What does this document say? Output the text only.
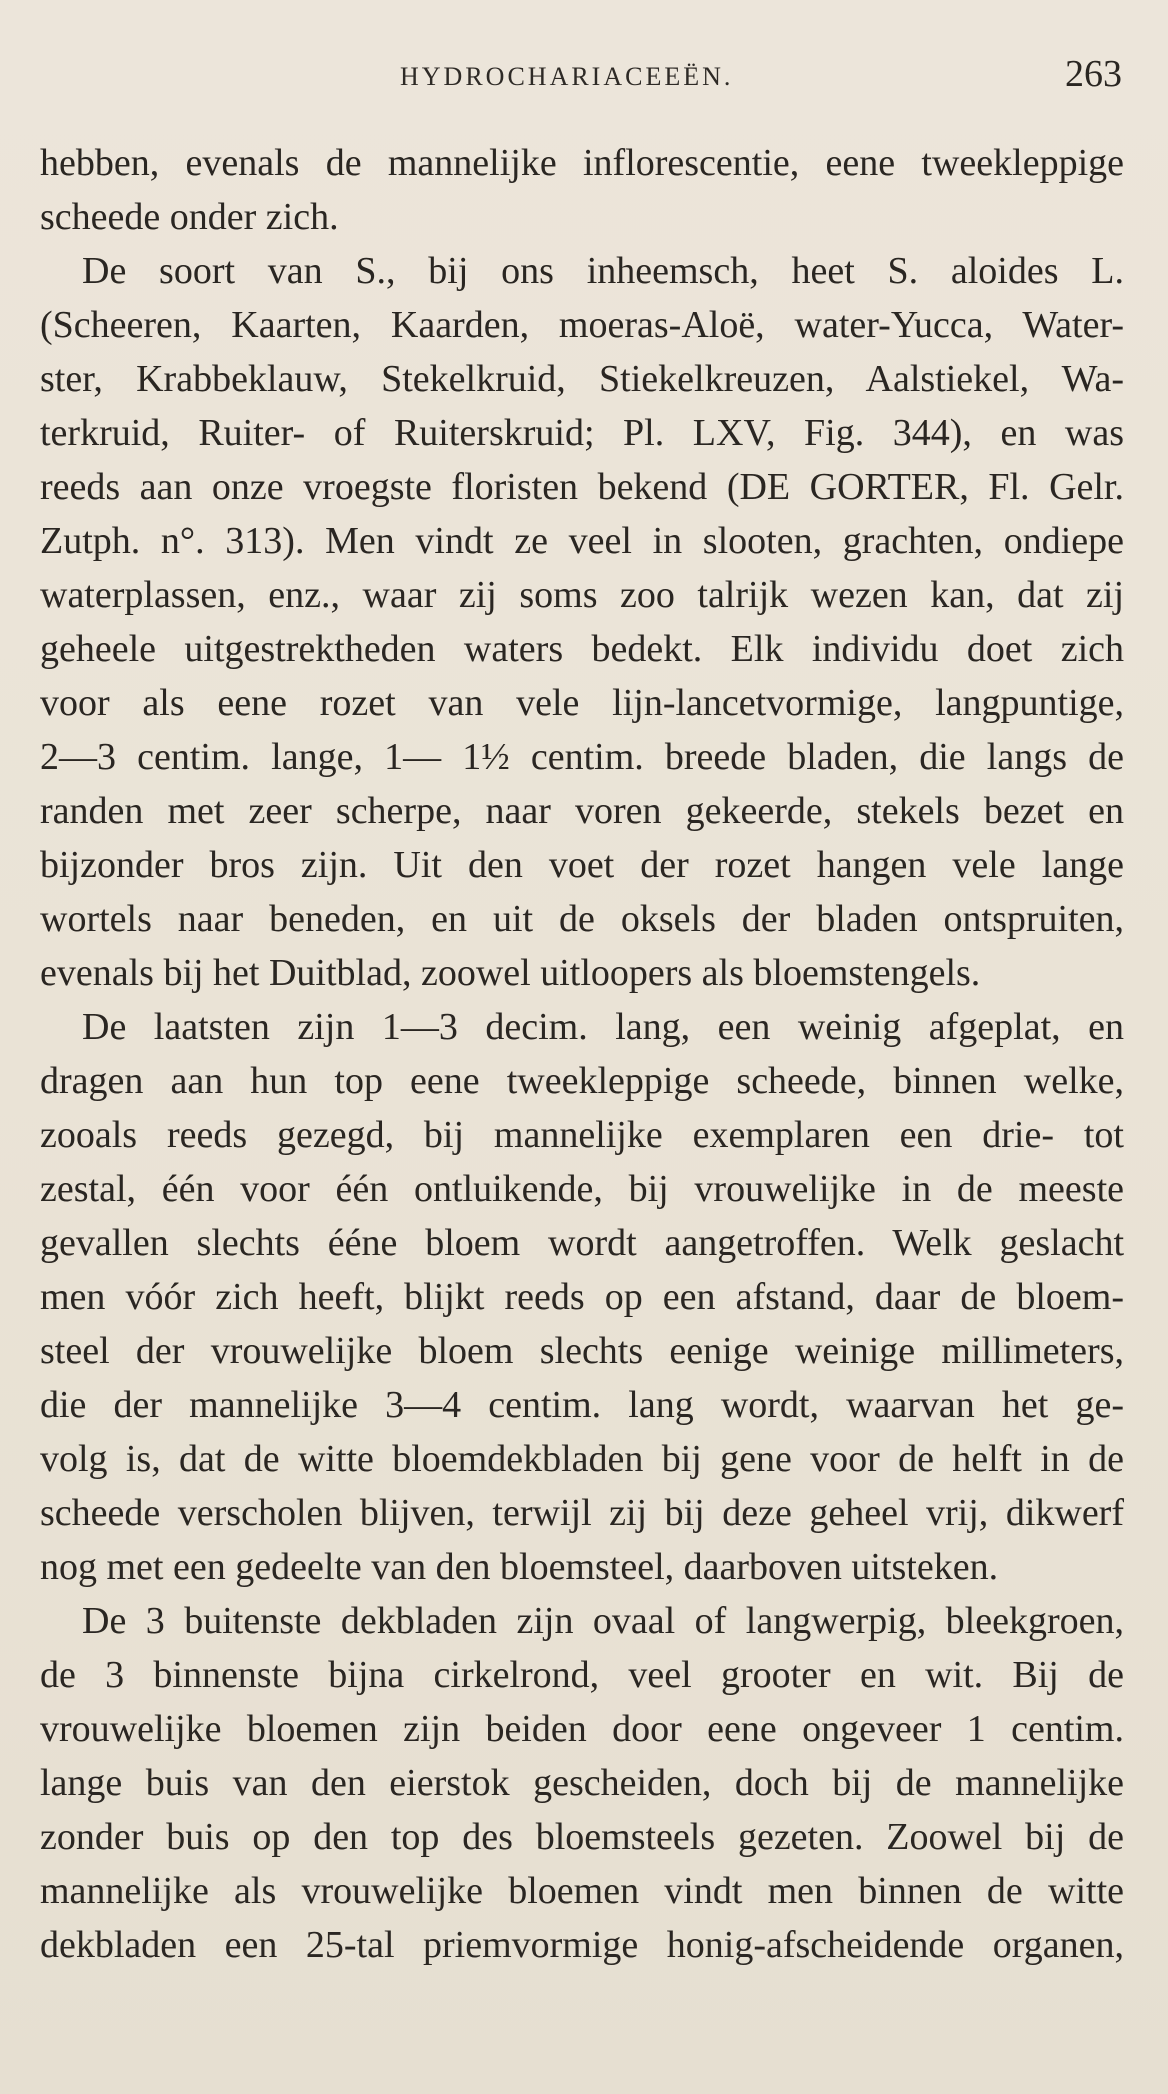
HYDROCHARIACEEËN.	263
hebben, evenals de mannelijke inflorescentie, eene tweekleppige
scheede onder zich.
De soort van S., bij ons inheemsch, heet S. aloides L.
(Scheeren, Kaarten, Kaarden, moeras-Aloë, water-Yucca, Water-
ster, Krabbeklauw, Stekelkruid, Stiekelkreuzen, Aalstiekel, Wa-
terkruid, Ruiter- of Ruiterskruid; Pl. LXV, Fig. 344), en was
reeds aan onze vroegste floristen bekend (DE GORTER, Fl. Gelr.
Zutph. n°. 313). Men vindt ze veel in slooten, grachten, ondiepe
waterplassen, enz., waar zij soms zoo talrijk wezen kan, dat zij
geheele uitgestrektheden waters bedekt. Elk individu doet zich
voor als eene rozet van vele lijn-lancetvormige, langpuntige,
2—3 centim. lange, 1— 1½ centim. breede bladen, die langs de
randen met zeer scherpe, naar voren gekeerde, stekels bezet en
bijzonder bros zijn. Uit den voet der rozet hangen vele lange
wortels naar beneden, en uit de oksels der bladen ontspruiten,
evenals bij het Duitblad, zoowel uitloopers als bloemstengels.
De laatsten zijn 1—3 decim. lang, een weinig afgeplat, en
dragen aan hun top eene tweekleppige scheede, binnen welke,
zooals reeds gezegd, bij mannelijke exemplaren een drie- tot
zestal, één voor één ontluikende, bij vrouwelijke in de meeste
gevallen slechts ééne bloem wordt aangetroffen. Welk geslacht
men vóór zich heeft, blijkt reeds op een afstand, daar de bloem-
steel der vrouwelijke bloem slechts eenige weinige millimeters,
die der mannelijke 3—4 centim. lang wordt, waarvan het ge-
volg is, dat de witte bloemdekbladen bij gene voor de helft in de
scheede verscholen blijven, terwijl zij bij deze geheel vrij, dikwerf
nog met een gedeelte van den bloemsteel, daarboven uitsteken.
De 3 buitenste dekbladen zijn ovaal of langwerpig, bleekgroen,
de 3 binnenste bijna cirkelrond, veel grooter en wit. Bij de
vrouwelijke bloemen zijn beiden door eene ongeveer 1 centim.
lange buis van den eierstok gescheiden, doch bij de mannelijke
zonder buis op den top des bloemsteels gezeten. Zoowel bij de
mannelijke als vrouwelijke bloemen vindt men binnen de witte
dekbladen een 25-tal priemvormige honig-afscheidende organen,
